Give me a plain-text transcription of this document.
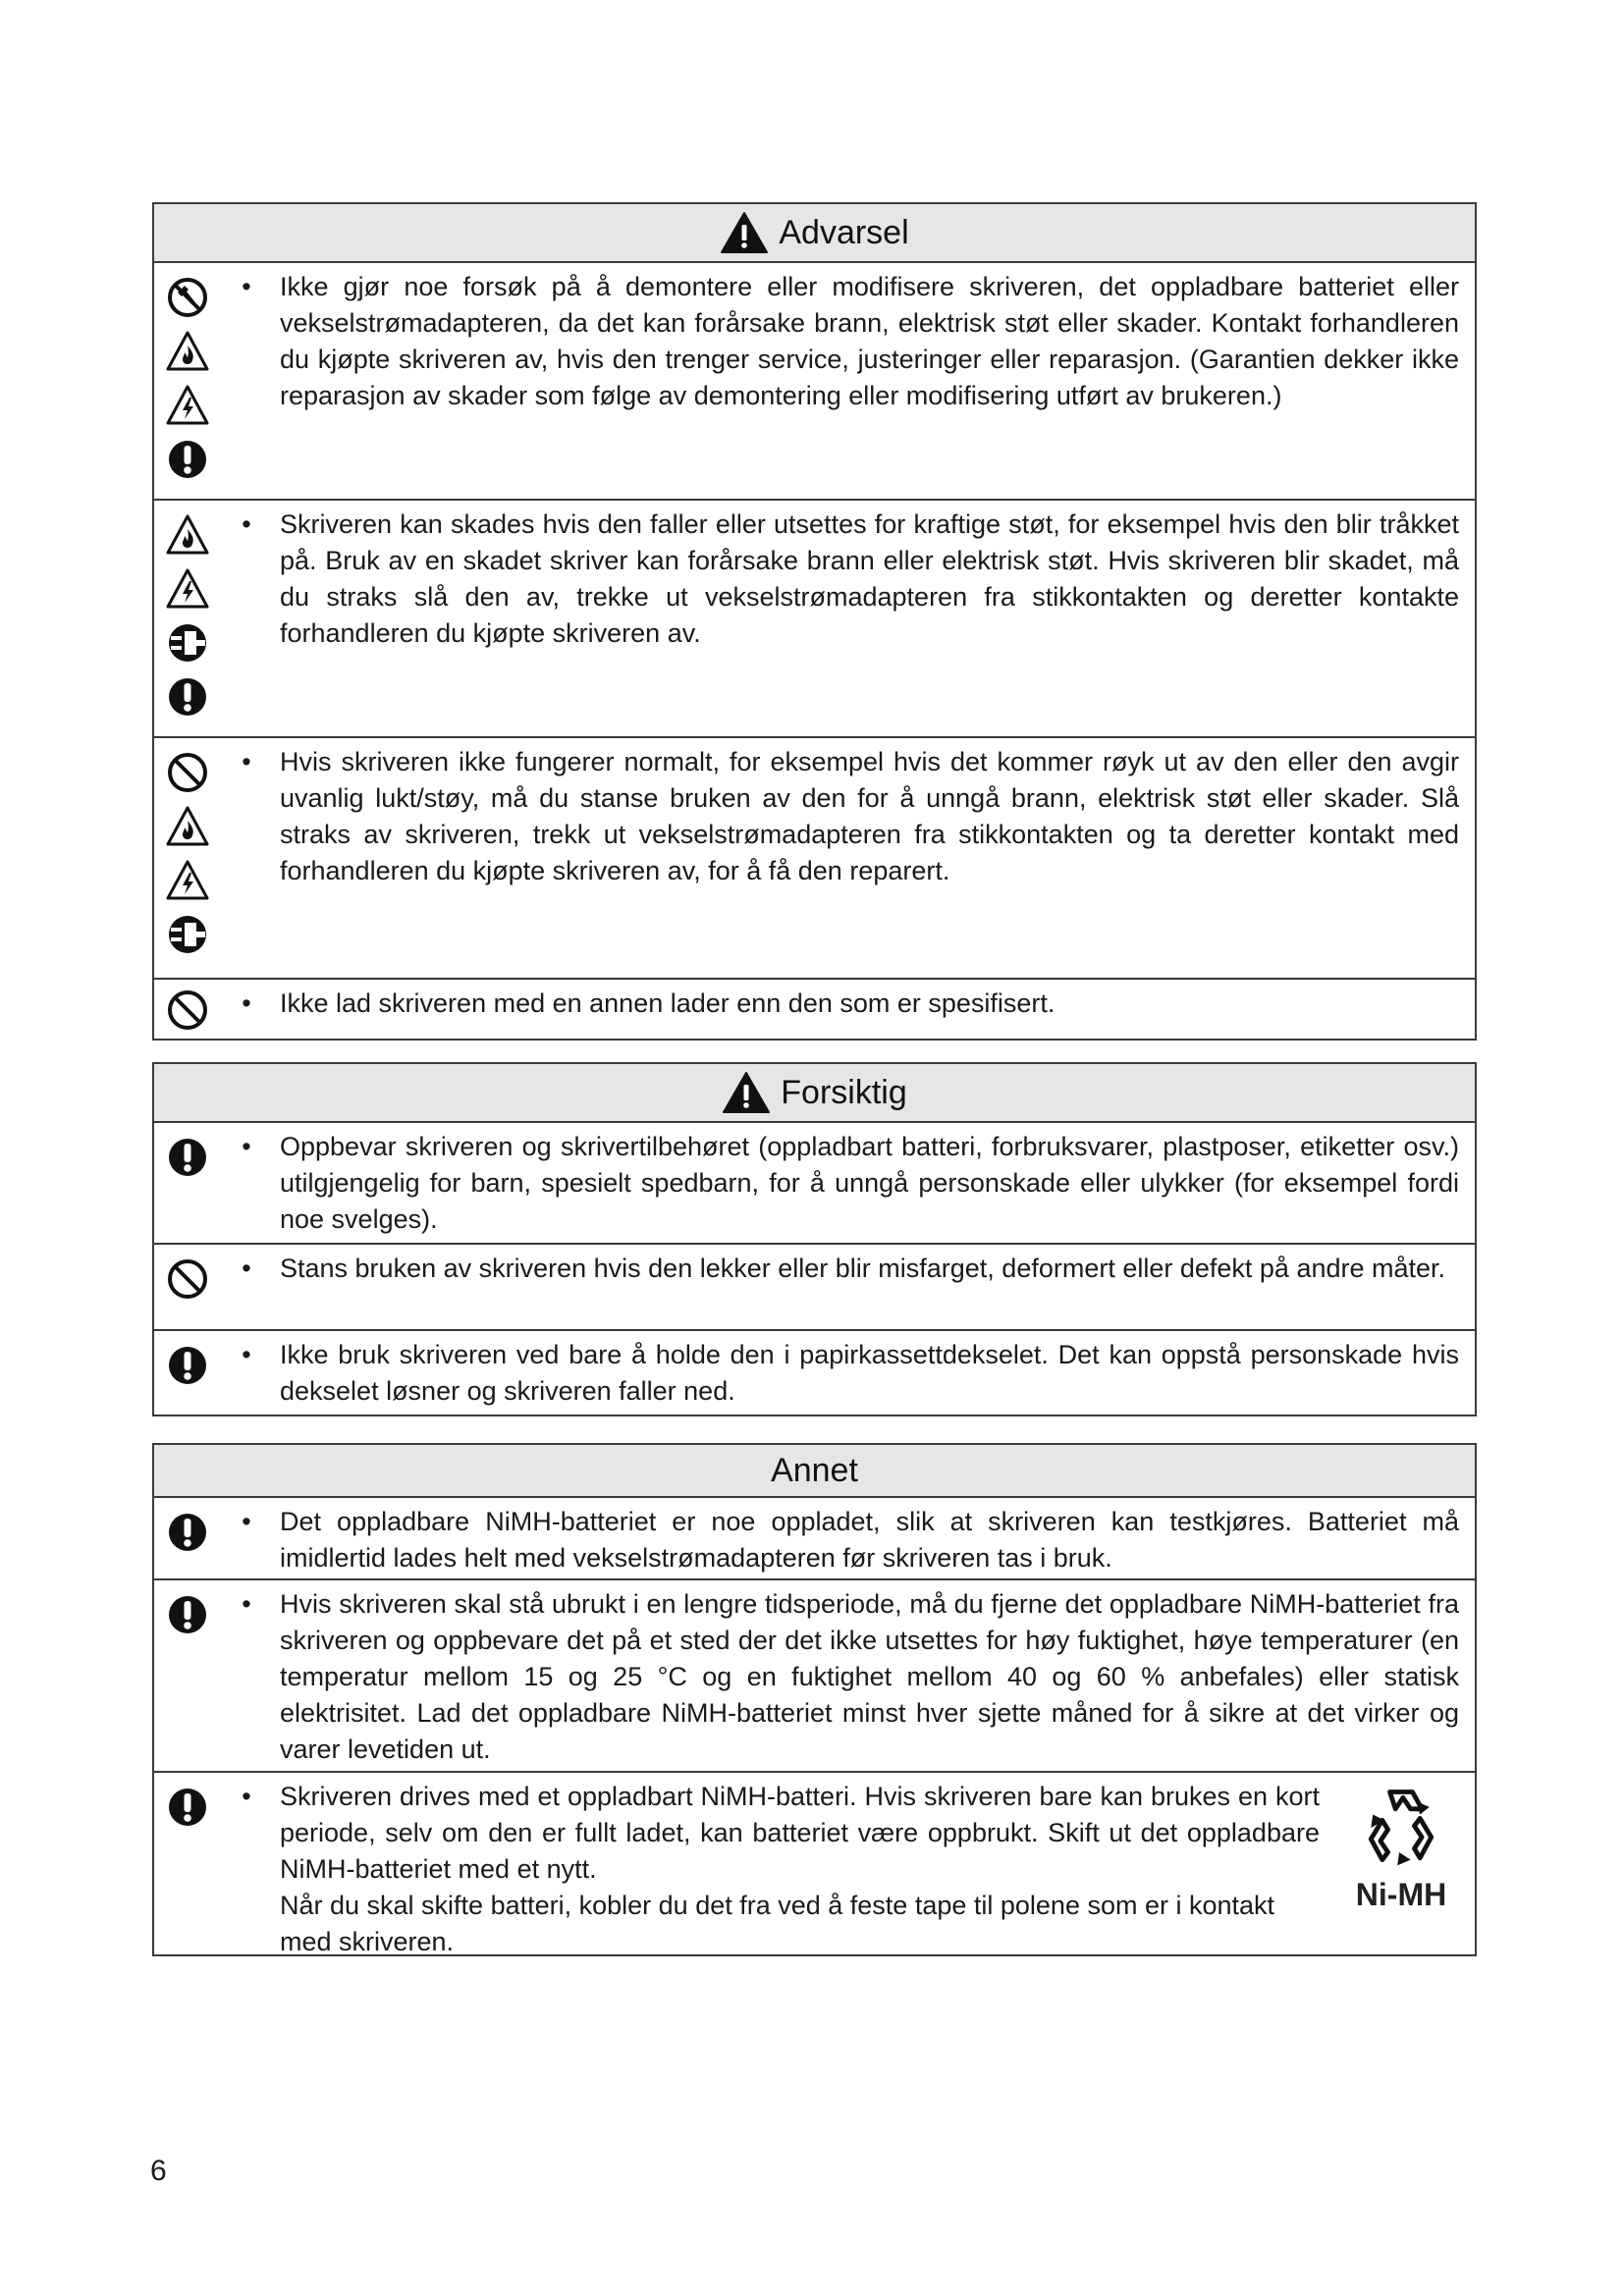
Advarsel
•	Ikke gjør noe forsøk på å demontere eller modifisere skriveren, det oppladbare batteriet eller vekselstrømadapteren, da det kan forårsake brann, elektrisk støt eller skader. Kontakt forhandleren du kjøpte skriveren av, hvis den trenger service, justeringer eller reparasjon. (Garantien dekker ikke reparasjon av skader som følge av demontering eller modifisering utført av brukeren.)

•	Skriveren kan skades hvis den faller eller utsettes for kraftige støt, for eksempel hvis den blir tråkket på. Bruk av en skadet skriver kan forårsake brann eller elektrisk støt. Hvis skriveren blir skadet, må du straks slå den av, trekke ut vekselstrømadapteren fra stikkontakten og deretter kontakte forhandleren du kjøpte skriveren av.

•	Hvis skriveren ikke fungerer normalt, for eksempel hvis det kommer røyk ut av den eller den avgir uvanlig lukt/støy, må du stanse bruken av den for å unngå brann, elektrisk støt eller skader. Slå straks av skriveren, trekk ut vekselstrømadapteren fra stikkontakten og ta deretter kontakt med forhandleren du kjøpte skriveren av, for å få den reparert.

•	Ikke lad skriveren med en annen lader enn den som er spesifisert.

Forsiktig
•	Oppbevar skriveren og skrivertilbehøret (oppladbart batteri, forbruksvarer, plastposer, etiketter osv.) utilgjengelig for barn, spesielt spedbarn, for å unngå personskade eller ulykker (for eksempel fordi noe svelges).

•	Stans bruken av skriveren hvis den lekker eller blir misfarget, deformert eller defekt på andre måter.

•	Ikke bruk skriveren ved bare å holde den i papirkassettdekselet. Det kan oppstå personskade hvis dekselet løsner og skriveren faller ned.

Annet
•	Det oppladbare NiMH-batteriet er noe oppladet, slik at skriveren kan testkjøres. Batteriet må imidlertid lades helt med vekselstrømadapteren før skriveren tas i bruk.

•	Hvis skriveren skal stå ubrukt i en lengre tidsperiode, må du fjerne det oppladbare NiMH-batteriet fra skriveren og oppbevare det på et sted der det ikke utsettes for høy fuktighet, høye temperaturer (en temperatur mellom 15 og 25 °C og en fuktighet mellom 40 og 60 % anbefales) eller statisk elektrisitet. Lad det oppladbare NiMH-batteriet minst hver sjette måned for å sikre at det virker og varer levetiden ut.

•	Skriveren drives med et oppladbart NiMH-batteri. Hvis skriveren bare kan brukes en kort periode, selv om den er fullt ladet, kan batteriet være oppbrukt. Skift ut det oppladbare NiMH-batteriet med et nytt.

Når du skal skifte batteri, kobler du det fra ved å feste tape til polene som er i kontakt med skriveren.

Ni-MH
6
